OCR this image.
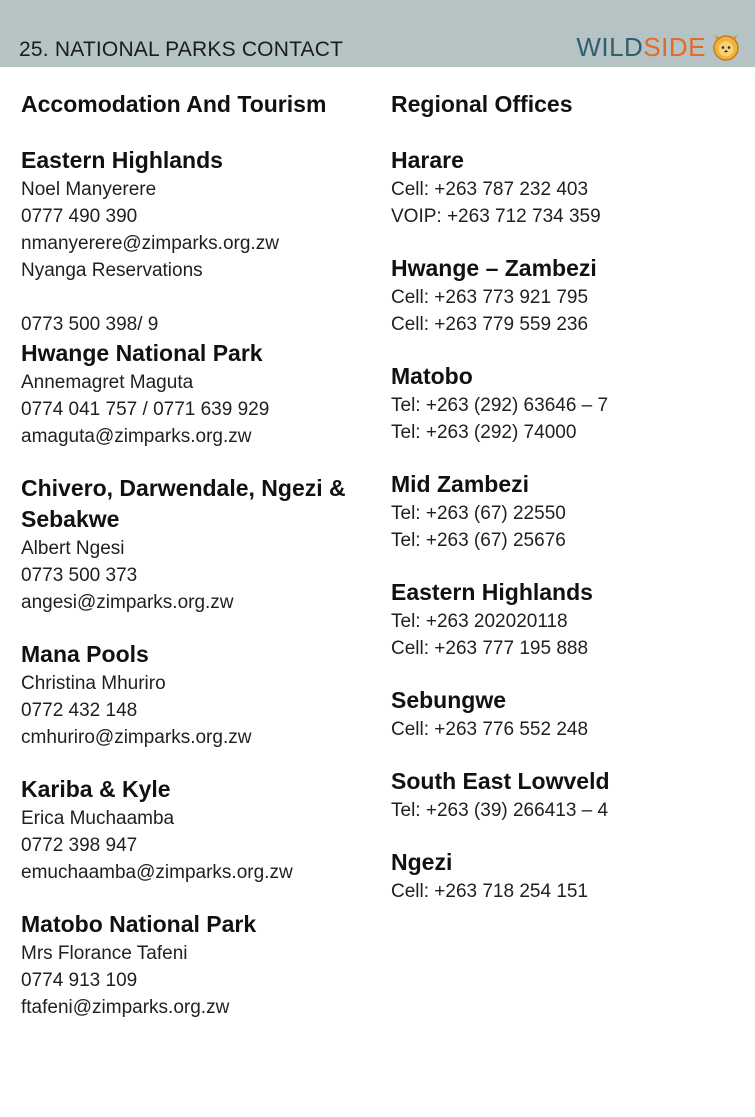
25. NATIONAL PARKS CONTACT	WILDSIDE
Accomodation And Tourism
Eastern Highlands
Noel Manyerere
0777 490 390
nmanyerere@zimparks.org.zw
Nyanga Reservations
0773 500 398/ 9
Hwange National Park
Annemagret Maguta
0774 041 757 / 0771 639 929
amaguta@zimparks.org.zw
Chivero, Darwendale, Ngezi &
Sebakwe
Albert Ngesi
0773 500 373
angesi@zimparks.org.zw
Mana Pools
Christina Mhuriro
0772 432 148
cmhuriro@zimparks.org.zw
Kariba & Kyle
Erica Muchaamba
0772 398 947
emuchaamba@zimparks.org.zw
Matobo National Park
Mrs Florance Tafeni
0774 913 109
ftafeni@zimparks.org.zw
Regional Offices
Harare
Cell: +263 787 232 403
VOIP: +263 712 734 359
Hwange – Zambezi
Cell: +263 773 921 795
Cell: +263 779 559 236
Matobo
Tel: +263 (292) 63646 – 7
Tel: +263 (292) 74000
Mid Zambezi
Tel: +263 (67) 22550
Tel: +263 (67) 25676
Eastern Highlands
Tel: +263 202020118
Cell: +263 777 195 888
Sebungwe
Cell: +263 776 552 248
South East Lowveld
Tel: +263 (39) 266413 – 4
Ngezi
Cell: +263 718 254 151
